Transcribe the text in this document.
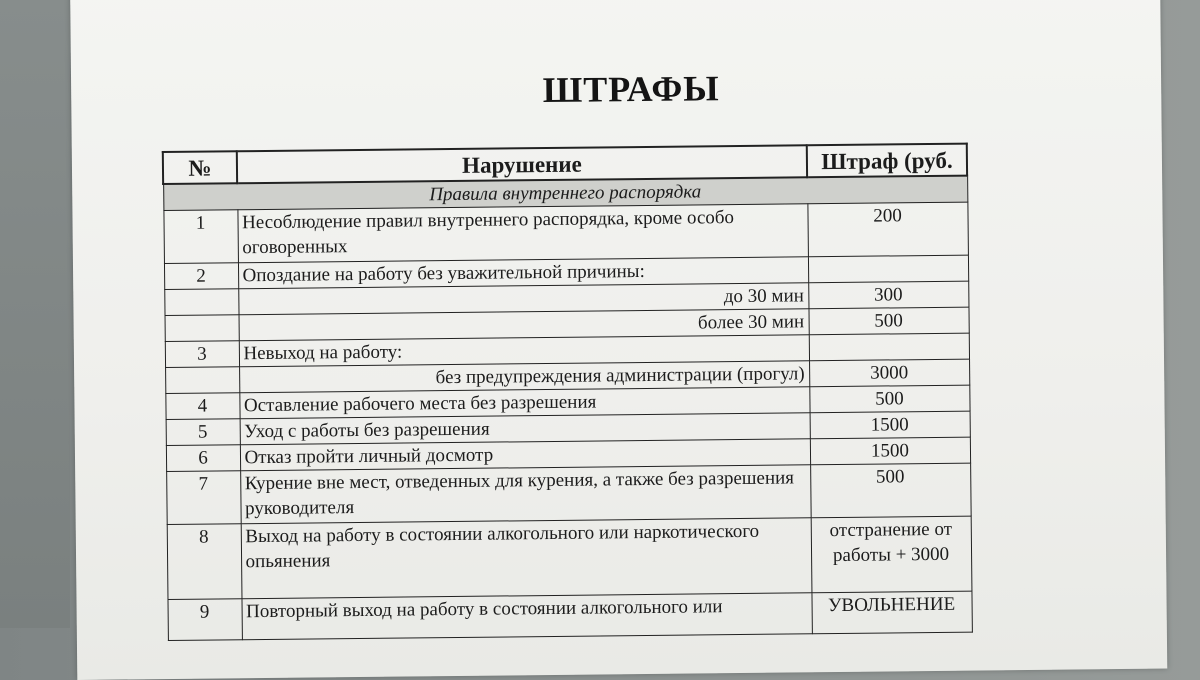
ШТРАФЫ
№	Нарушение	Штраф (руб.
Правила внутреннего распорядка		
1	Несоблюдение правил внутреннего распорядка, кроме особо оговоренных	200
2	Опоздание на работу без уважительной причины:	
	до 30 мин	300
	более 30 мин	500
3	Невыход на работу:	
	без предупреждения администрации (прогул)	3000
4	Оставление рабочего места без разрешения	500
5	Уход с работы без разрешения	1500
6	Отказ пройти личный досмотр	1500
7	Курение вне мест, отведенных для курения, а также без разрешения руководителя	500
8	Выход на работу в состоянии алкогольного или наркотического опьянения	отстранение от работы + 3000
9	Повторный выход на работу в состоянии алкогольного или	УВОЛЬНЕНИЕ
